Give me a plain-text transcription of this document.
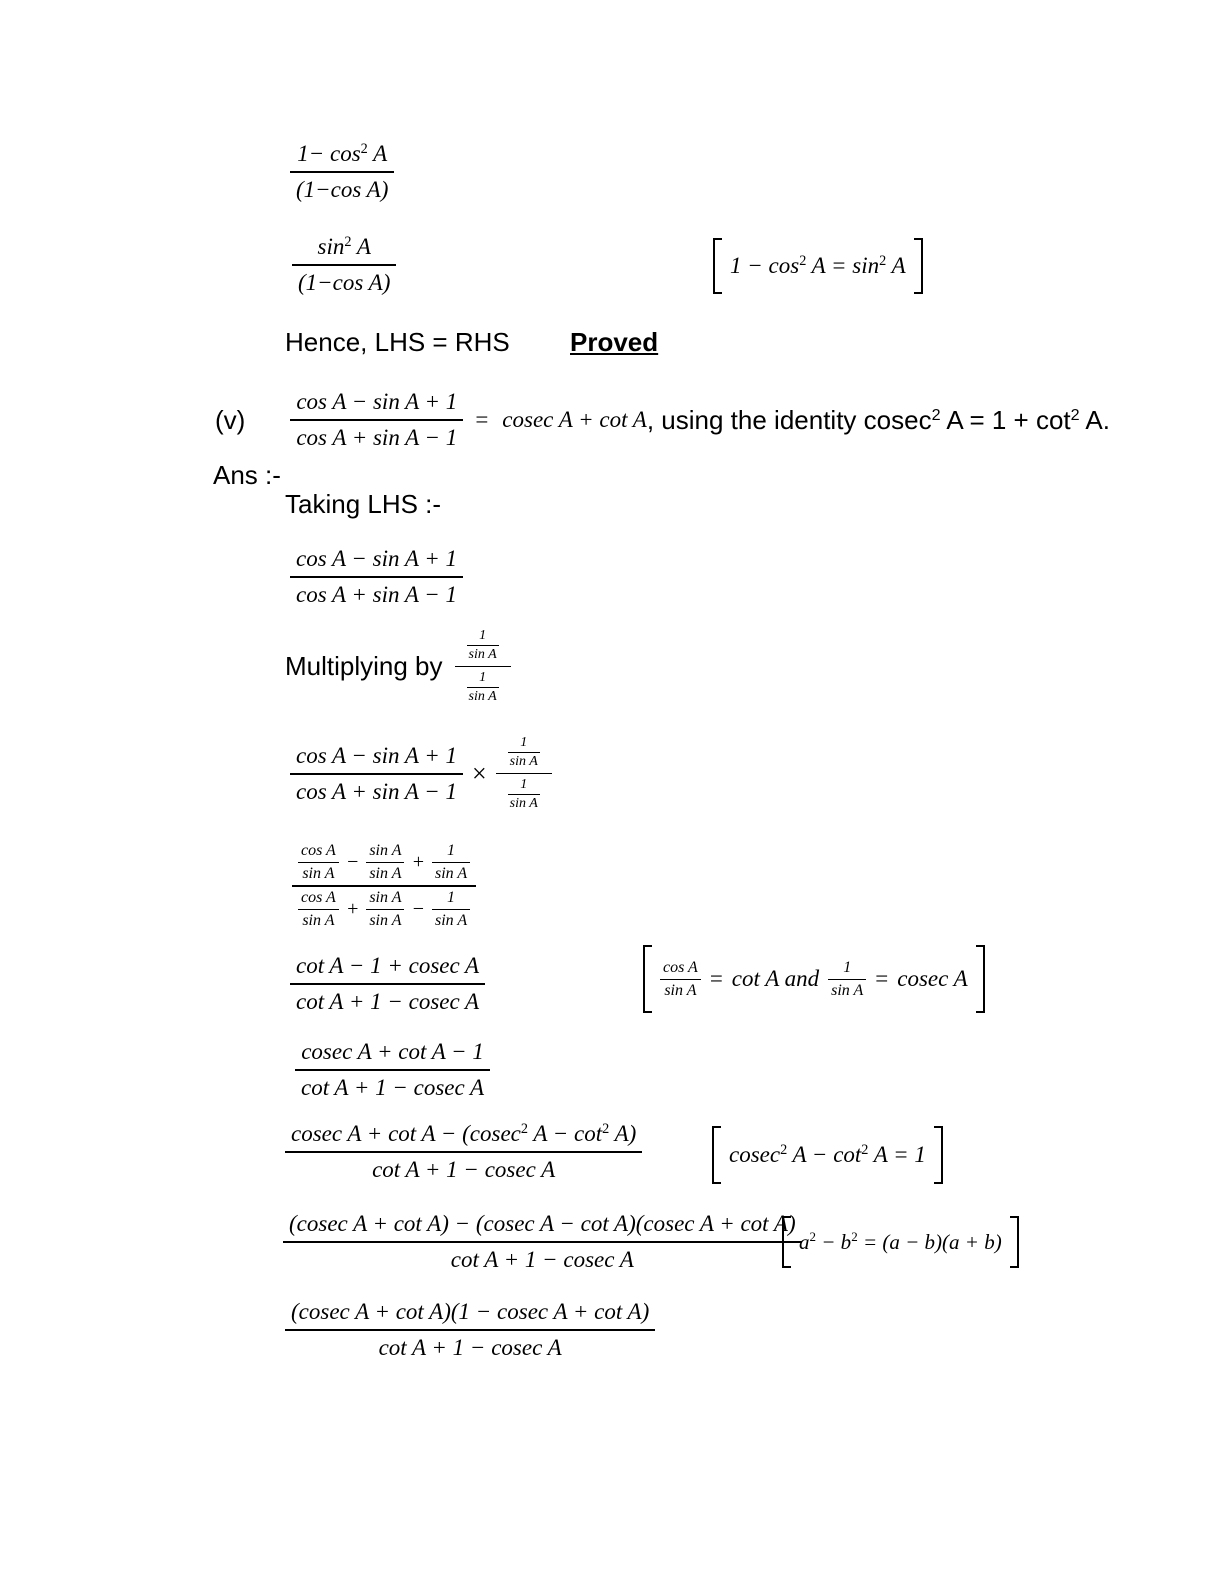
$\frac{1- \cos^2 A}{\text{(1−cos A)}}$
$\frac{\sin^2 A}{\text{(1−cos A)}}$	$1 - \cos^2 A = \sin^2 A$
Hence, LHS = RHS Proved
$(v) \frac{\text{cos A − sin A + 1}}{\text{cos A + sin A − 1}} = cosec$ A + cot A , using the identity cosec$^2$ $A = 1 + \cot^2 A$.
Ans :-
Taking LHS :-
$\frac{\text{cos A − sin A + 1}}{\text{cos A + sin A − 1}}$
Multiplying by $\frac{\frac{1}{\text{sin A}}}{\frac{1}{\text{sin A}}}$
$\frac{\text{cos A − sin A + 1}}{\text{cos A + sin A − 1}} \times \frac{\frac{1}{\text{sin A}}}{\frac{1}{\text{sin A}}}$
$\frac{\text{cos A}}{\text{sin A}} - \frac{\text{sin A}}{\text{sin A}} + \frac{1}{\text{sin A}}$
$\frac{\text{cos A}}{\text{sin A}} + \frac{\text{sin A}}{\text{sin A}} - \frac{1}{\text{sin A}}$
$\frac{\text{cot A − 1 + cosec A}}{\text{cot A + 1 − cosec A}}$	$\frac{\text{cos A}}{\text{sin A}} = \cot A$ and $\frac{1}{\text{sin A}} = cosec$ A
$\frac{\text{cosec A + cot A − 1}}{\text{cot A + 1 − cosec A}}$
$\frac{cosec A + \cot A - (cosec^2 A - \cot^2 A)}{\text{cot A + 1 − cosec A}}$	cosec$^2$ $A - \cot^2 A = 1$
$\frac{\text{(cosec A + cot A) − (cosec A − cot A)(cosec A + cot A)}}{\text{cot A + 1 − cosec A}}$
$a^2 - b^2 = (a - b)(a + b)$
$\frac{\text{(cosec A + cot A)(1 − cosec A + cot A)}}{\text{cot A + 1 − cosec A}}$
